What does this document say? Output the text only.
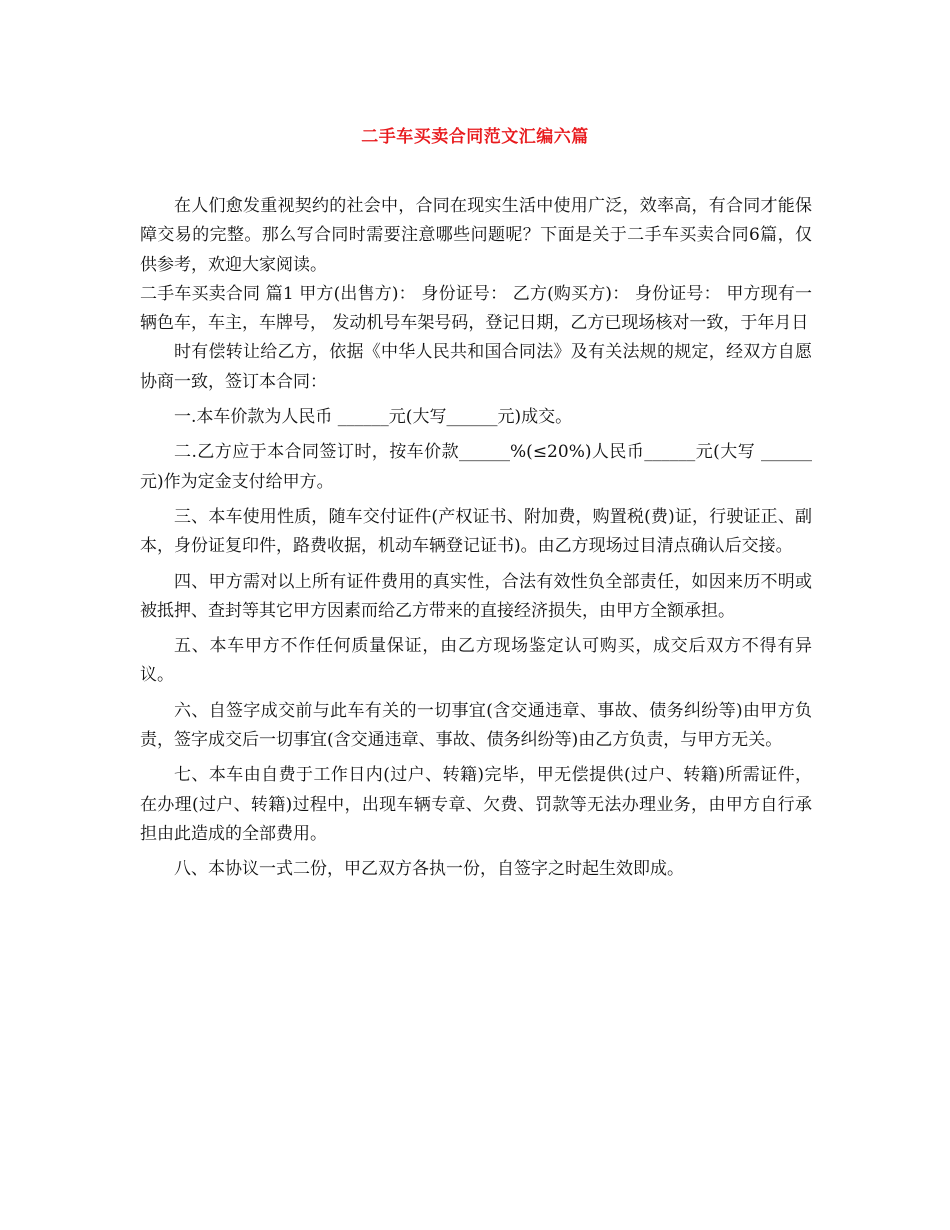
二手车买卖合同范文汇编六篇

在人们愈发重视契约的社会中，合同在现实生活中使用广泛，效率高，有合同才能保障交易的完整。那么写合同时需要注意哪些问题呢？下面是关于二手车买卖合同6篇，仅供参考，欢迎大家阅读。

二手车买卖合同 篇1 甲方(出售方)： 身份证号： 乙方(购买方)： 身份证号： 甲方现有一辆色车，车主，车牌号， 发动机号车架号码，登记日期，乙方已现场核对一致，于年月日

时有偿转让给乙方，依据《中华人民共和国合同法》及有关法规的规定，经双方自愿协商一致，签订本合同：

一.本车价款为人民币 ______元(大写______元)成交。

二.乙方应于本合同签订时，按车价款______%(≤20%)人民币______元(大写 ______元)作为定金支付给甲方。

三、本车使用性质，随车交付证件(产权证书、附加费，购置税(费)证，行驶证正、副本，身份证复印件，路费收据，机动车辆登记证书)。由乙方现场过目清点确认后交接。

四、甲方需对以上所有证件费用的真实性，合法有效性负全部责任，如因来历不明或被抵押、查封等其它甲方因素而给乙方带来的直接经济损失，由甲方全额承担。

五、本车甲方不作任何质量保证，由乙方现场鉴定认可购买，成交后双方不得有异议。

六、自签字成交前与此车有关的一切事宜(含交通违章、事故、债务纠纷等)由甲方负责，签字成交后一切事宜(含交通违章、事故、债务纠纷等)由乙方负责，与甲方无关。

七、本车由自费于工作日内(过户、转籍)完毕，甲无偿提供(过户、转籍)所需证件，在办理(过户、转籍)过程中，出现车辆专章、欠费、罚款等无法办理业务，由甲方自行承担由此造成的全部费用。

八、本协议一式二份，甲乙双方各执一份，自签字之时起生效即成。
